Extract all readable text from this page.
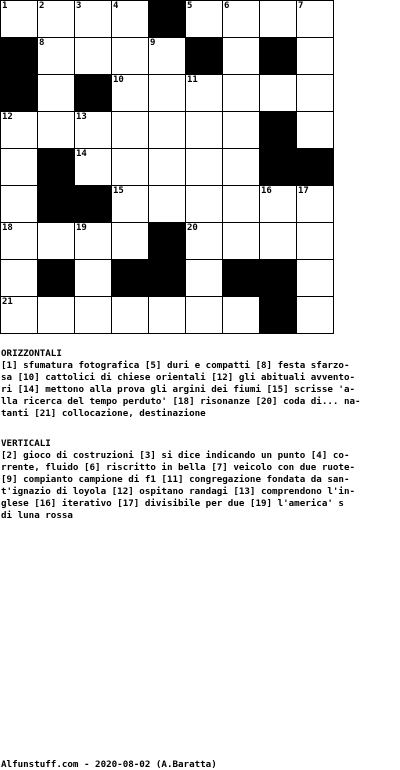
1	2	3	4	5	6	7
8	9
10	11
12	13
14
15	16	17
18	19	20
21
ORIZZONTALI
[1] sfumatura fotografica [5] duri e compatti [8] festa sfarzo-
sa [10] cattolici di chiese orientali [12] gli abituali avvento-
ri [14] mettono alla prova gli argini dei fiumi [15] scrisse 'a-
lla ricerca del tempo perduto' [18] risonanze [20] coda di... na-
tanti [21] collocazione, destinazione
VERTICALI
[2] gioco di costruzioni [3] si dice indicando un punto [4] co-
rrente, fluido [6] riscritto in bella [7] veicolo con due ruote-
[9] compianto campione di f1 [11] congregazione fondata da san-
t'ignazio di loyola [12] ospitano randagi [13] comprendono l'in-
glese [16] iterativo [17] divisibile per due [19] l'america' s
di luna rossa
Alfunstuff.com - 2020-08-02 (A.Baratta)
